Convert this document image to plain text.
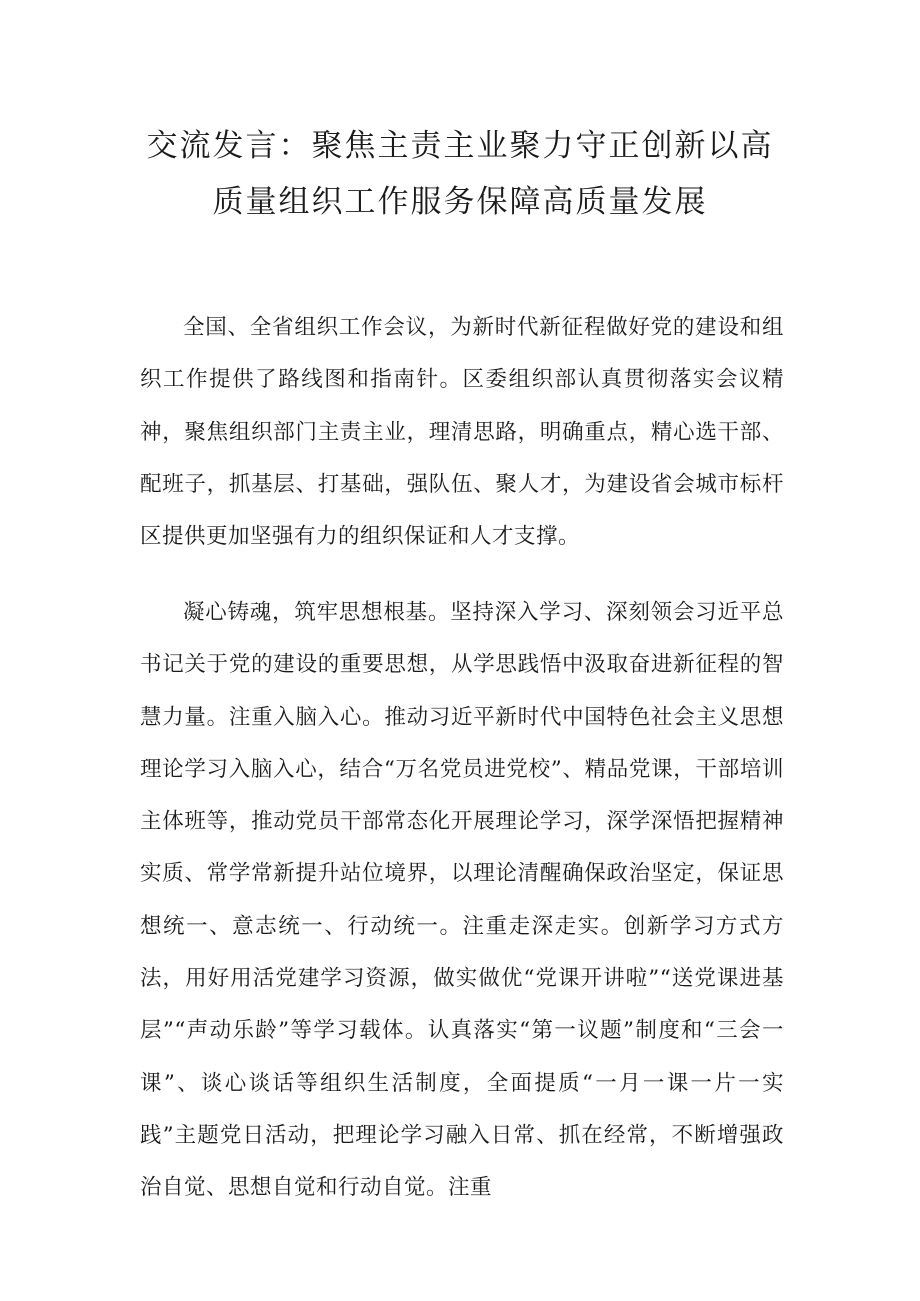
交流发言：聚焦主责主业聚力守正创新以高
质量组织工作服务保障高质量发展

全国、全省组织工作会议，为新时代新征程做好党的建设和组织工作提供了路线图和指南针。区委组织部认真贯彻落实会议精神，聚焦组织部门主责主业，理清思路，明确重点，精心选干部、配班子，抓基层、打基础，强队伍、聚人才，为建设省会城市标杆区提供更加坚强有力的组织保证和人才支撑。

凝心铸魂，筑牢思想根基。坚持深入学习、深刻领会习近平总书记关于党的建设的重要思想，从学思践悟中汲取奋进新征程的智慧力量。注重入脑入心。推动习近平新时代中国特色社会主义思想理论学习入脑入心，结合“万名党员进党校”、精品党课，干部培训主体班等，推动党员干部常态化开展理论学习，深学深悟把握精神实质、常学常新提升站位境界，以理论清醒确保政治坚定，保证思想统一、意志统一、行动统一。注重走深走实。创新学习方式方法，用好用活党建学习资源，做实做优“党课开讲啦”“送党课进基层”“声动乐龄”等学习载体。认真落实“第一议题”制度和“三会一课”、谈心谈话等组织生活制度，全面提质“一月一课一片一实践”主题党日活动，把理论学习融入日常、抓在经常，不断增强政治自觉、思想自觉和行动自觉。注重
